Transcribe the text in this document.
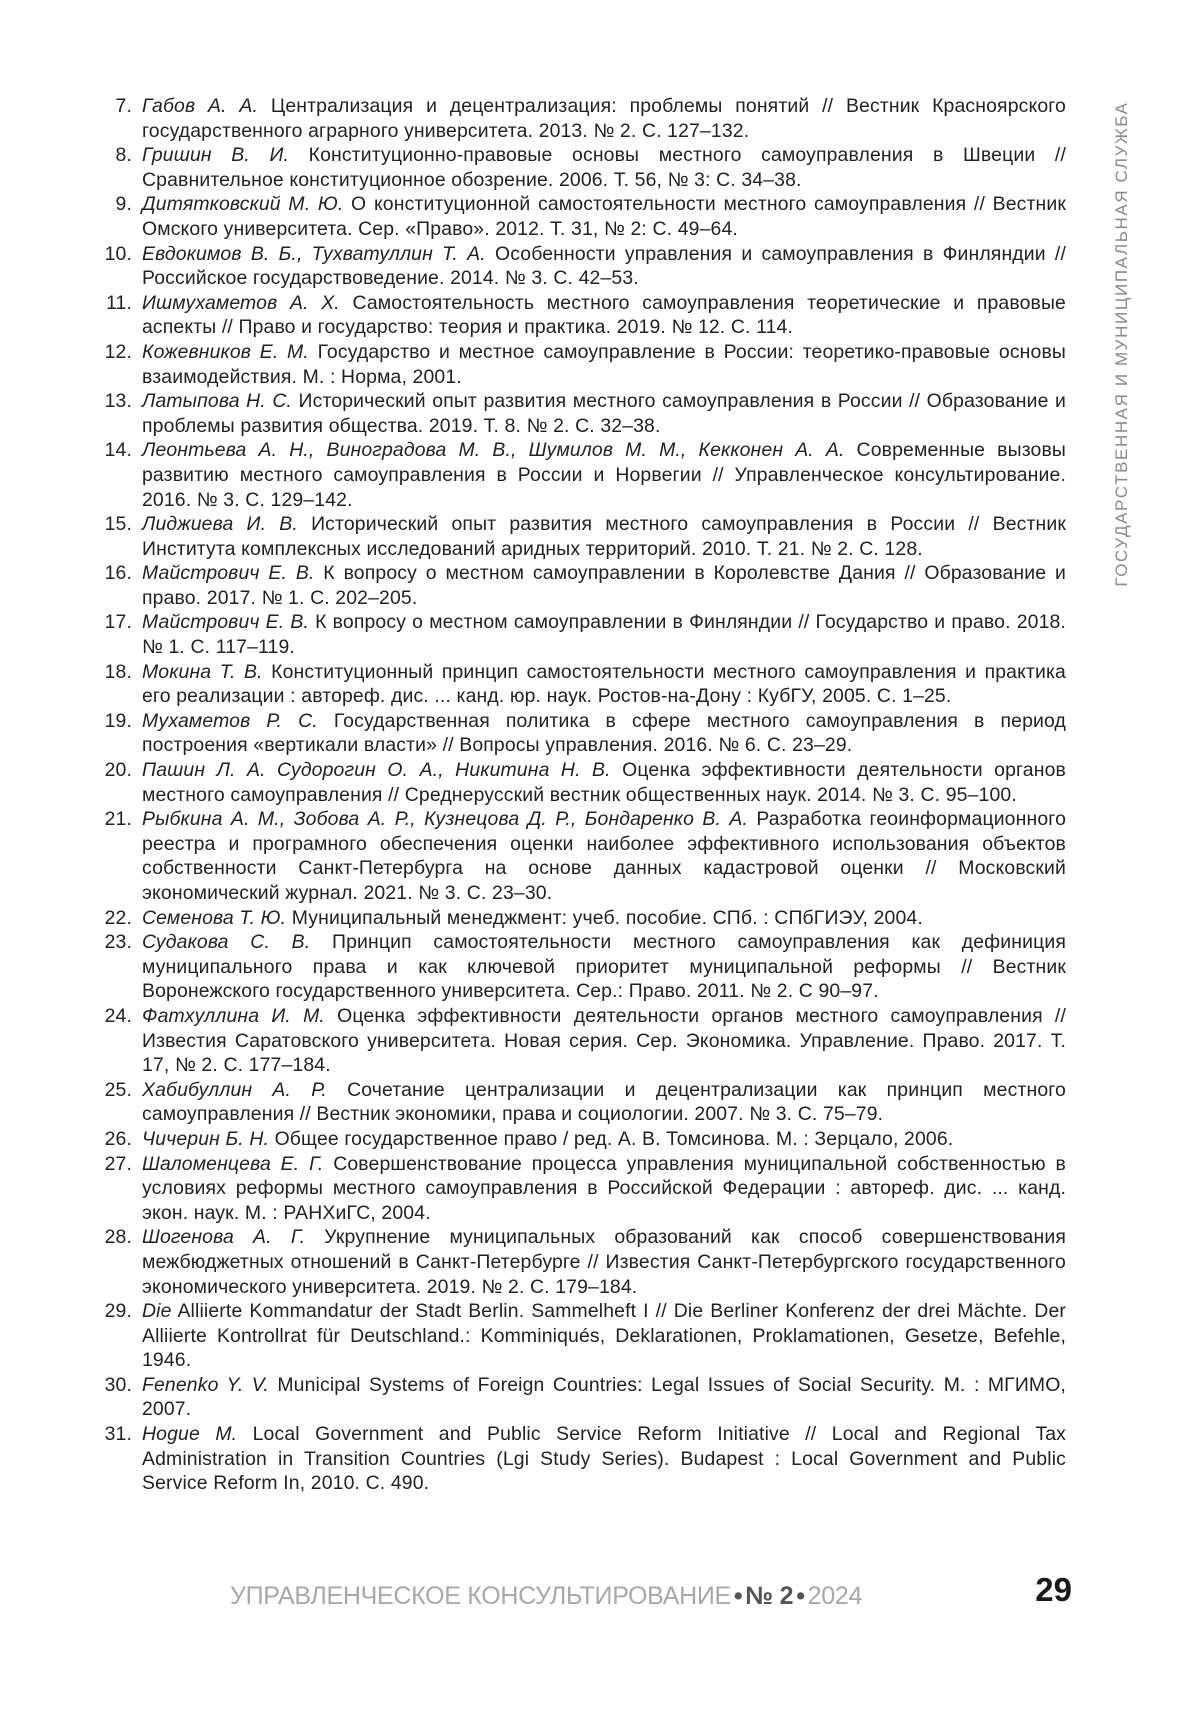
ГОСУДАРСТВЕННАЯ И МУНИЦИПАЛЬНАЯ СЛУЖБА
7. Габов А. А. Централизация и децентрализация: проблемы понятий // Вестник Красноярского государственного аграрного университета. 2013. № 2. С. 127–132.
8. Гришин В. И. Конституционно-правовые основы местного самоуправления в Швеции // Сравнительное конституционное обозрение. 2006. Т. 56, № 3: С. 34–38.
9. Дитятковский М. Ю. О конституционной самостоятельности местного самоуправления // Вестник Омского университета. Сер. «Право». 2012. Т. 31, № 2: С. 49–64.
10. Евдокимов В. Б., Тухватуллин Т. А. Особенности управления и самоуправления в Финляндии // Российское государствоведение. 2014. № 3. С. 42–53.
11. Ишмухаметов А. Х. Самостоятельность местного самоуправления теоретические и правовые аспекты // Право и государство: теория и практика. 2019. № 12. С. 114.
12. Кожевников Е. М. Государство и местное самоуправление в России: теоретико-правовые основы взаимодействия. М. : Норма, 2001.
13. Латыпова Н. С. Исторический опыт развития местного самоуправления в России // Образование и проблемы развития общества. 2019. Т. 8. № 2. С. 32–38.
14. Леонтьева А. Н., Виноградова М. В., Шумилов М. М., Кекконен А. А. Современные вызовы развитию местного самоуправления в России и Норвегии // Управленческое консультирование. 2016. № 3. С. 129–142.
15. Лиджиева И. В. Исторический опыт развития местного самоуправления в России // Вестник Института комплексных исследований аридных территорий. 2010. Т. 21. № 2. С. 128.
16. Майстрович Е. В. К вопросу о местном самоуправлении в Королевстве Дания // Образование и право. 2017. № 1. С. 202–205.
17. Майстрович Е. В. К вопросу о местном самоуправлении в Финляндии // Государство и право. 2018. № 1. С. 117–119.
18. Мокина Т. В. Конституционный принцип самостоятельности местного самоуправления и практика его реализации : автореф. дис. ... канд. юр. наук. Ростов-на-Дону : КубГУ, 2005. С. 1–25.
19. Мухаметов Р. С. Государственная политика в сфере местного самоуправления в период построения «вертикали власти» // Вопросы управления. 2016. № 6. С. 23–29.
20. Пашин Л. А. Судорогин О. А., Никитина Н. В. Оценка эффективности деятельности органов местного самоуправления // Среднерусский вестник общественных наук. 2014. № 3. С. 95–100.
21. Рыбкина А. М., Зобова А. Р., Кузнецова Д. Р., Бондаренко В. А. Разработка геоинформационного реестра и програмного обеспечения оценки наиболее эффективного использования объектов собственности Санкт-Петербурга на основе данных кадастровой оценки // Московский экономический журнал. 2021. № 3. С. 23–30.
22. Семенова Т. Ю. Муниципальный менеджмент: учеб. пособие. СПб. : СПбГИЭУ, 2004.
23. Судакова С. В. Принцип самостоятельности местного самоуправления как дефиниция муниципального права и как ключевой приоритет муниципальной реформы // Вестник Воронежского государственного университета. Сер.: Право. 2011. № 2. С 90–97.
24. Фатхуллина И. М. Оценка эффективности деятельности органов местного самоуправления // Известия Саратовского университета. Новая серия. Сер. Экономика. Управление. Право. 2017. Т. 17, № 2. С. 177–184.
25. Хабибуллин А. Р. Сочетание централизации и децентрализации как принцип местного самоуправления // Вестник экономики, права и социологии. 2007. № 3. С. 75–79.
26. Чичерин Б. Н. Общее государственное право / ред. А. В. Томсинова. М. : Зерцало, 2006.
27. Шаломенцева Е. Г. Совершенствование процесса управления муниципальной собственностью в условиях реформы местного самоуправления в Российской Федерации : автореф. дис. ... канд. экон. наук. М. : РАНХиГС, 2004.
28. Шогенова А. Г. Укрупнение муниципальных образований как способ совершенствования межбюджетных отношений в Санкт-Петербурге // Известия Санкт-Петербургского государственного экономического университета. 2019. № 2. С. 179–184.
29. Die Alliierte Kommandatur der Stadt Berlin. Sammelheft I // Die Berliner Konferenz der drei Mächte. Der Alliierte Kontrollrat für Deutschland.: Komminiqués, Deklarationen, Proklamationen, Gesetze, Befehle, 1946.
30. Fenenko Y. V. Municipal Systems of Foreign Countries: Legal Issues of Social Security. M. : МГИМО, 2007.
31. Hogue M. Local Government and Public Service Reform Initiative // Local and Regional Tax Administration in Transition Countries (Lgi Study Series). Budapest : Local Government and Public Service Reform In, 2010. С. 490.
УПРАВЛЕНЧЕСКОЕ КОНСУЛЬТИРОВАНИЕ • № 2 • 2024	29
